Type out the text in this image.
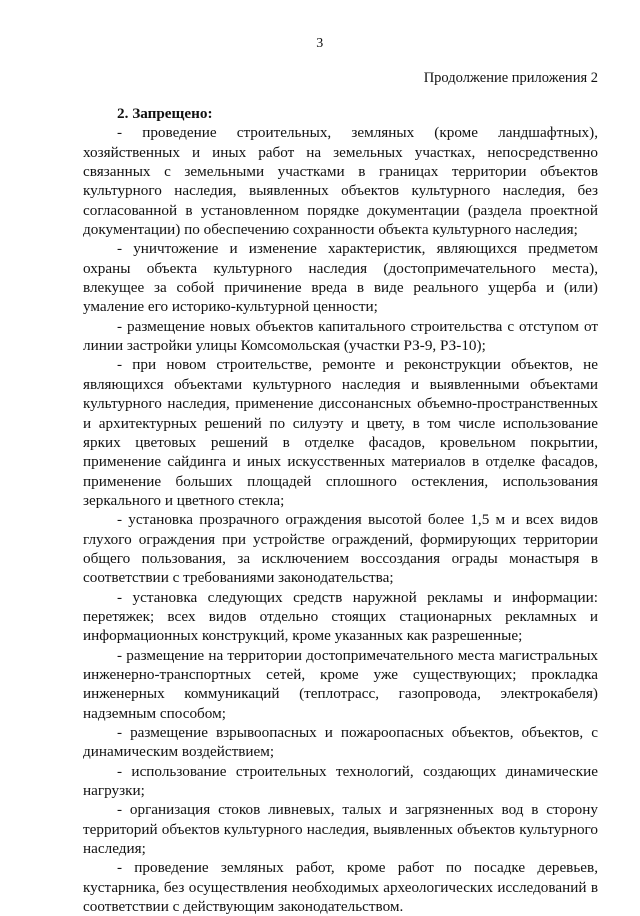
3
Продолжение приложения 2

2. Запрещено:

- проведение строительных, земляных (кроме ландшафтных), хозяйственных и иных работ на земельных участках, непосредственно связанных с земельными участками в границах территории объектов культурного наследия, выявленных объектов культурного наследия, без согласованной в установленном порядке документации (раздела проектной документации) по обеспечению сохранности объекта культурного наследия;

- уничтожение и изменение характеристик, являющихся предметом охраны объекта культурного наследия (достопримечательного места), влекущее за собой причинение вреда в виде реального ущерба и (или) умаление его историко-культурной ценности;

- размещение новых объектов капитального строительства с отступом от линии застройки улицы Комсомольская (участки РЗ-9, РЗ-10);

- при новом строительстве, ремонте и реконструкции объектов, не являющихся объектами культурного наследия и выявленными объектами культурного наследия, применение диссонансных объемно-пространственных и архитектурных решений по силуэту и цвету, в том числе использование ярких цветовых решений в отделке фасадов, кровельном покрытии, применение сайдинга и иных искусственных материалов в отделке фасадов, применение больших площадей сплошного остекления, использования зеркального и цветного стекла;

- установка прозрачного ограждения высотой более 1,5 м и всех видов глухого ограждения при устройстве ограждений, формирующих территории общего пользования, за исключением воссоздания ограды монастыря в соответствии с требованиями законодательства;

- установка следующих средств наружной рекламы и информации: перетяжек; всех видов отдельно стоящих стационарных рекламных и информационных конструкций, кроме указанных как разрешенные;

- размещение на территории достопримечательного места магистральных инженерно-транспортных сетей, кроме уже существующих; прокладка инженерных коммуникаций (теплотрасс, газопровода, электрокабеля) надземным способом;

- размещение взрывоопасных и пожароопасных объектов, объектов, с динамическим воздействием;

- использование строительных технологий, создающих динамические нагрузки;

- организация стоков ливневых, талых и загрязненных вод в сторону территорий объектов культурного наследия, выявленных объектов культурного наследия;

- проведение земляных работ, кроме работ по посадке деревьев, кустарника, без осуществления необходимых археологических исследований в соответствии с действующим законодательством.
